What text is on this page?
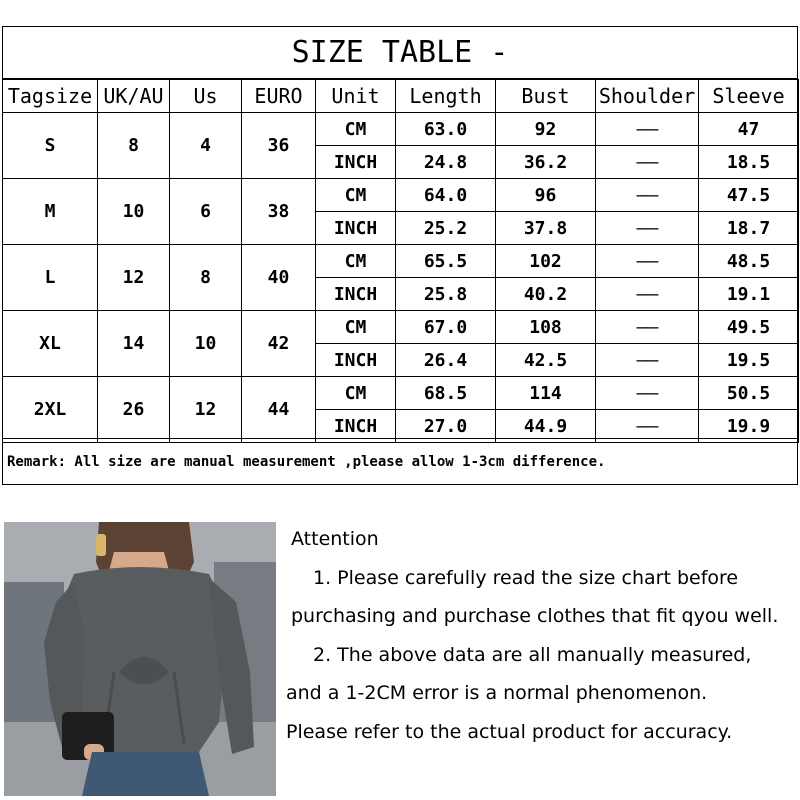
SIZE TABLE -
Tagsize	UK/AU	Us	EURO	Unit	Length	Bust	Shoulder	Sleeve
S	8	4	36	CM	63.0	92	——	47
				INCH	24.8	36.2	——	18.5
M	10	6	38	CM	64.0	96	——	47.5
				INCH	25.2	37.8	——	18.7
L	12	8	40	CM	65.5	102	——	48.5
				INCH	25.8	40.2	——	19.1
XL	14	10	42	CM	67.0	108	——	49.5
				INCH	26.4	42.5	——	19.5
2XL	26	12	44	CM	68.5	114	——	50.5
				INCH	27.0	44.9	——	19.9
Remark: All size are manual measurement ,please allow 1-3cm difference.
Attention
1. Please carefully read the size chart before
purchasing and purchase clothes that fit qyou well.
2. The above data are all manually measured,
and a 1-2CM error is a normal phenomenon.
Please refer to the actual product for accuracy.
